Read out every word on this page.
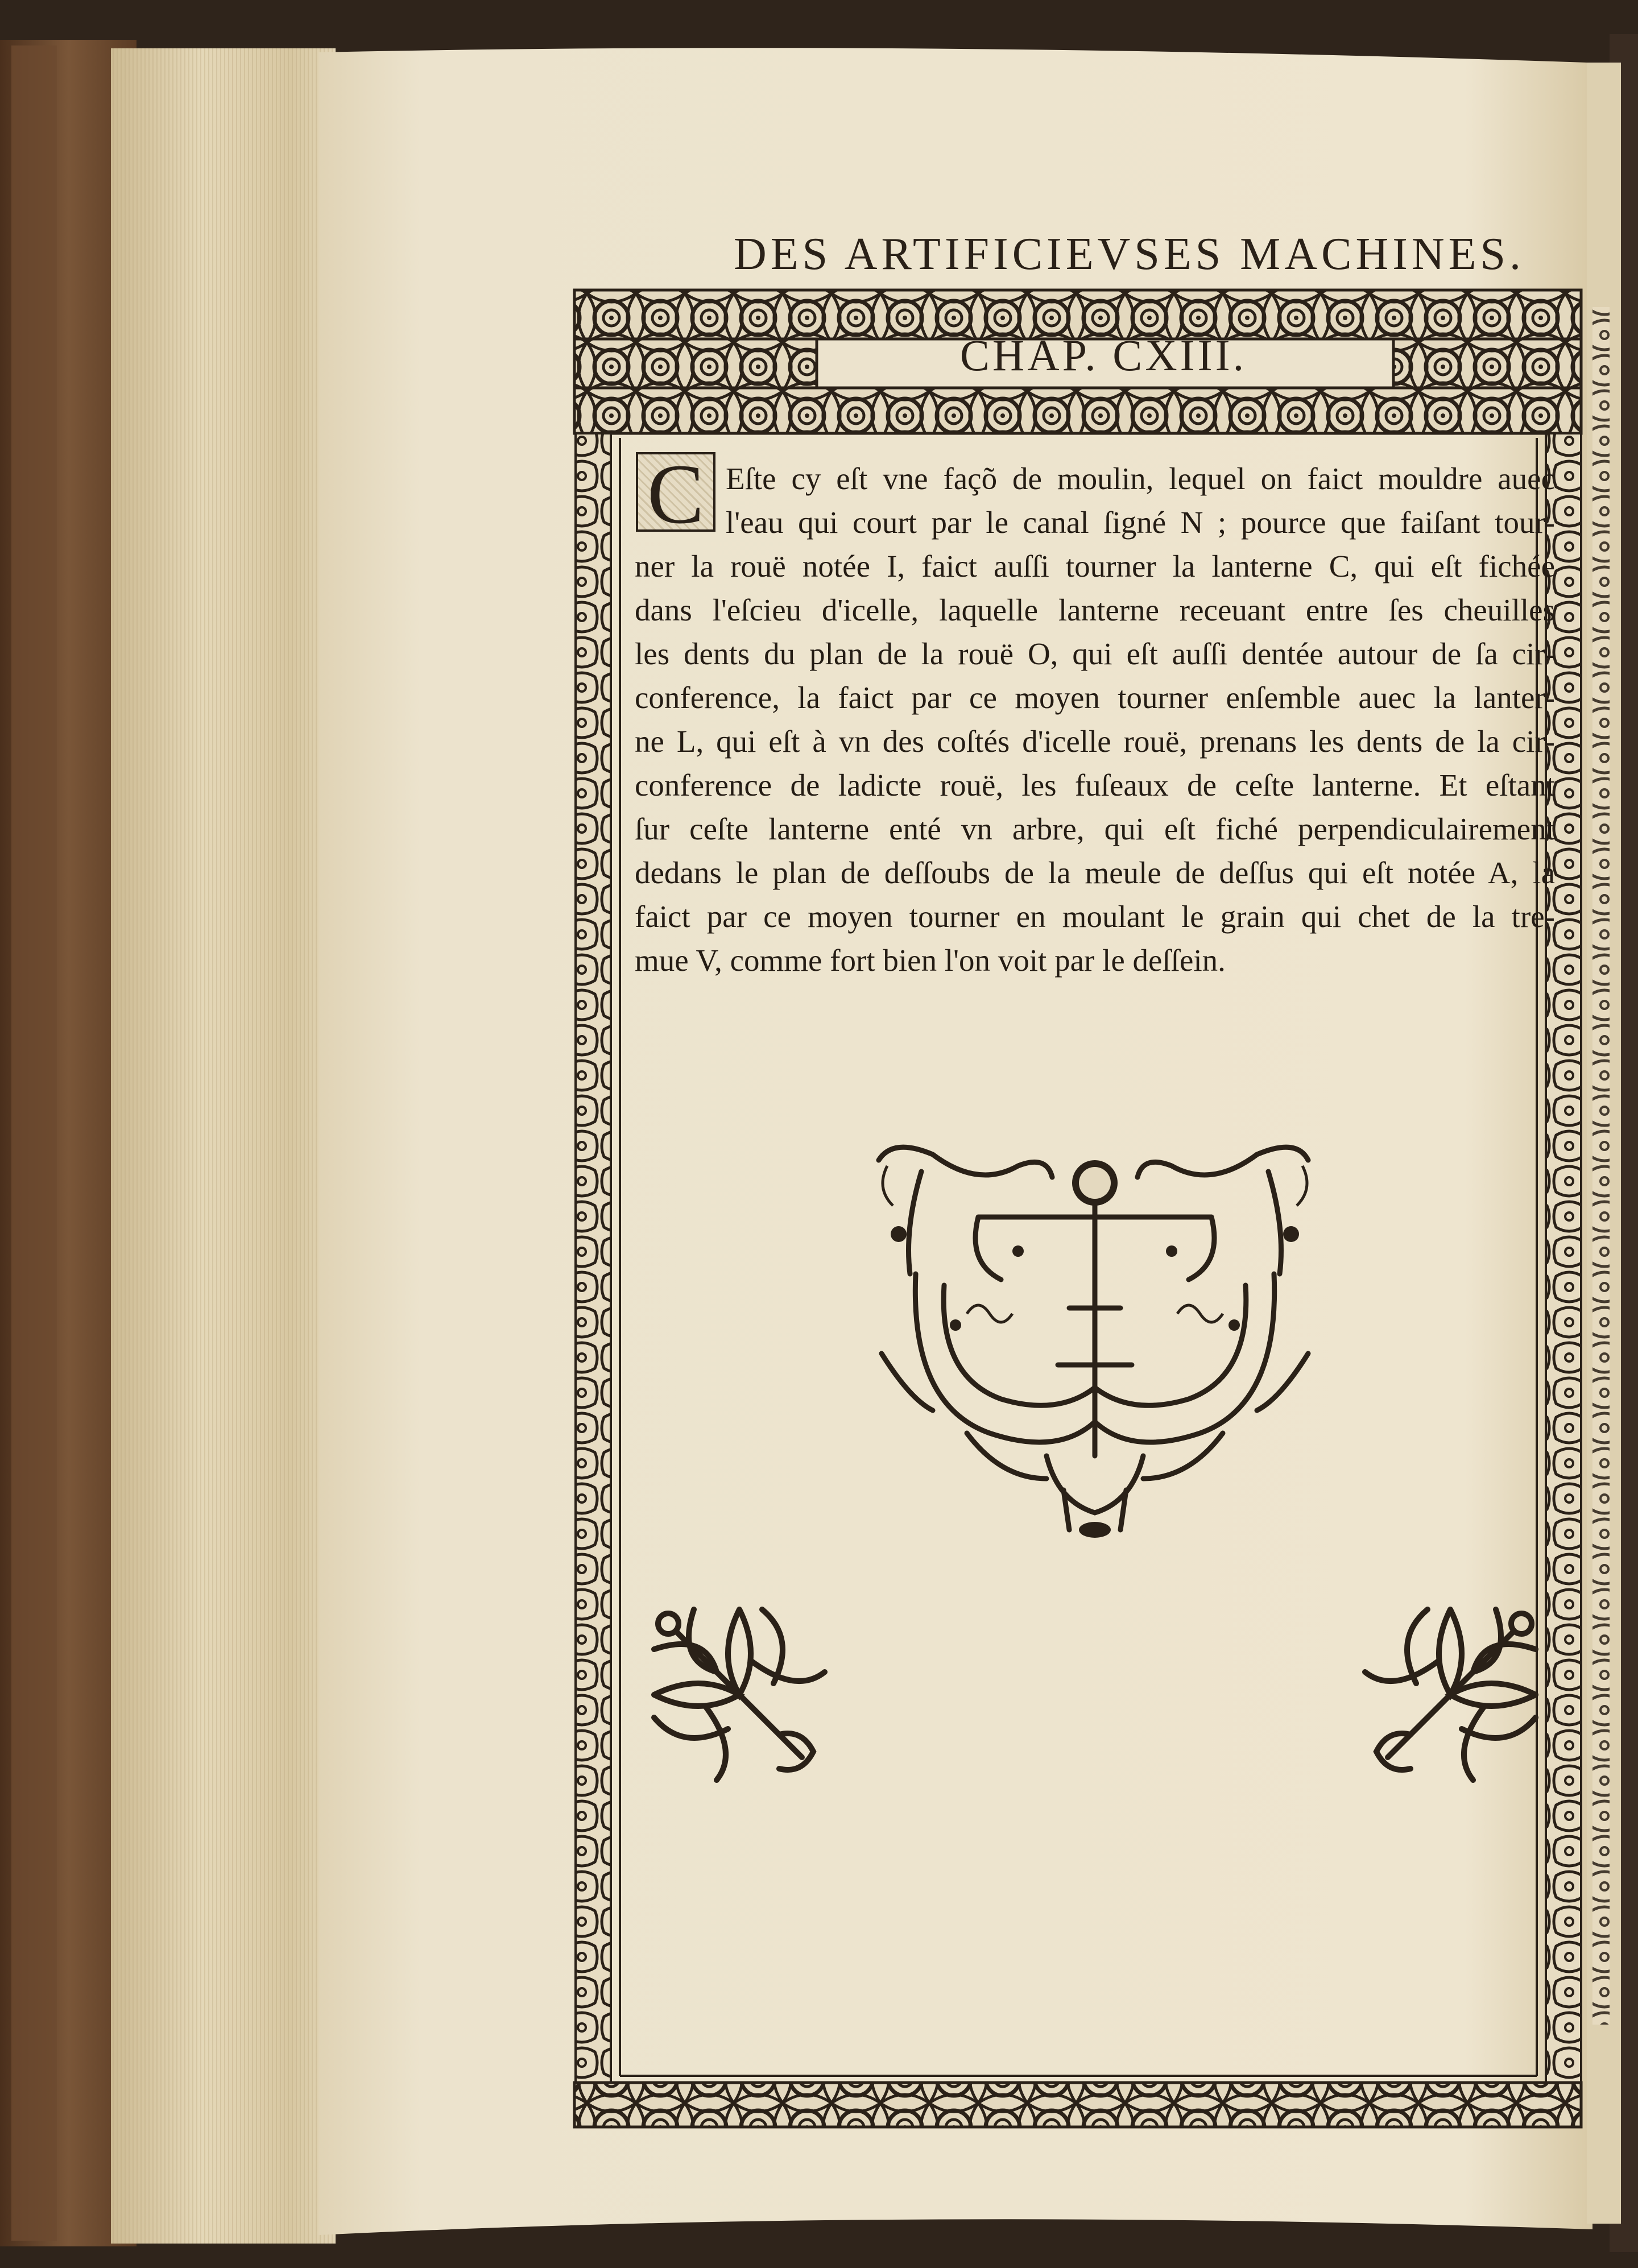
DES ARTIFICIEVSES MACHINES.
CHAP. CXIII.
C Eſte cy eſt vne façõ de moulin, lequel on faict mouldre auec
l'eau qui court par le canal ſigné N ; pource que faiſant tour-
ner la rouë notée I, faict auſſi tourner la lanterne C, qui eſt fichée
dans l'eſcieu d'icelle, laquelle lanterne receuant entre ſes cheuilles
les dents du plan de la rouë O, qui eſt auſſi dentée autour de ſa cir-
conference, la faict par ce moyen tourner enſemble auec la lanter-
ne L, qui eſt à vn des coſtés d'icelle rouë, prenans les dents de la cir-
conference de ladicte rouë, les fuſeaux de ceſte lanterne. Et eſtant
ſur ceſte lanterne enté vn arbre, qui eſt fiché perpendiculairement
dedans le plan de deſſoubs de la meule de deſſus qui eſt notée A, la
faict par ce moyen tourner en moulant le grain qui chet de la tre-
mue V, comme fort bien l'on voit par le deſſein.
